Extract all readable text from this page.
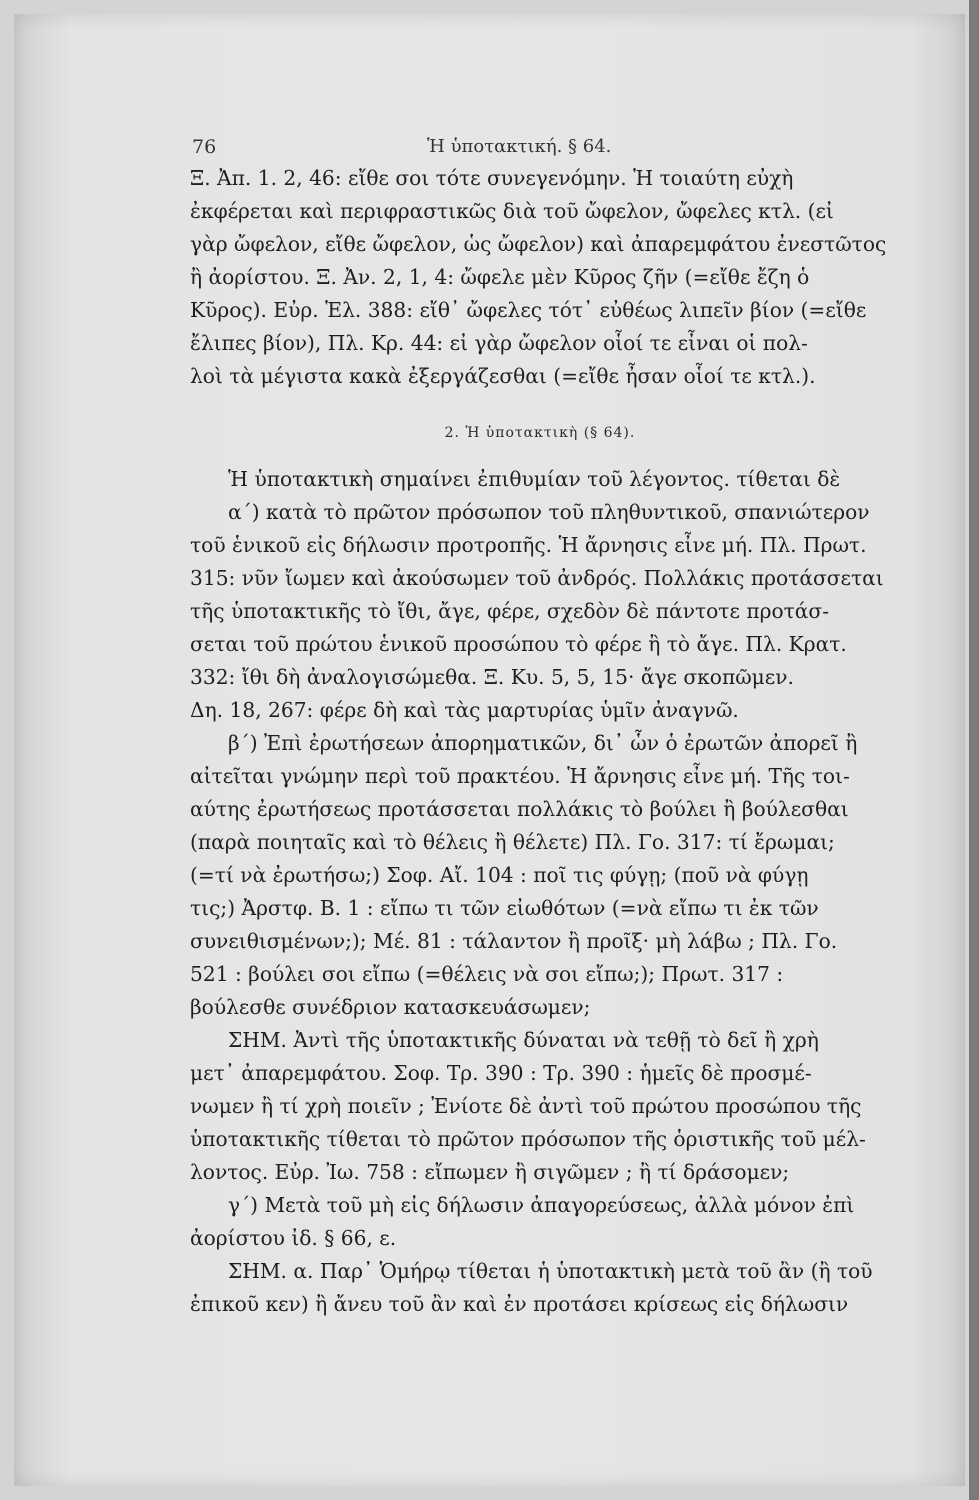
76	Ἡ ὑποτακτική. § 64.
Ξ. Ἀπ. 1. 2, 46: εἴθε σοι τότε συνεγενόμην. Ἡ τοιαύτη εὐχὴ
ἐκφέρεται καὶ περιφραστικῶς διὰ τοῦ ὤφελον, ὤφελες κτλ. (εἰ
γὰρ ὤφελον, εἴθε ὤφελον, ὡς ὤφελον) καὶ ἀπαρεμφάτου ἐνεστῶτος
ἢ ἀορίστου. Ξ. Ἀν. 2, 1, 4: ὤφελε μὲν Κῦρος ζῆν (=εἴθε ἔζη ὁ
Κῦρος). Εὐρ. Ἑλ. 388: εἴθ᾽ ὤφελες τότ᾽ εὐθέως λιπεῖν βίον (=εἴθε
ἔλιπες βίον), Πλ. Κρ. 44: εἰ γὰρ ὤφελον οἷοί τε εἶναι οἱ πολ-
λοὶ τὰ μέγιστα κακὰ ἐξεργάζεσθαι (=εἴθε ἦσαν οἷοί τε κτλ.).
2. Ἡ ὑποτακτικὴ (§ 64).
Ἡ ὑποτακτικὴ σημαίνει ἐπιθυμίαν τοῦ λέγοντος. τίθεται δὲ
α΄) κατὰ τὸ πρῶτον πρόσωπον τοῦ πληθυντικοῦ, σπανιώτερον
τοῦ ἑνικοῦ εἰς δήλωσιν προτροπῆς. Ἡ ἄρνησις εἶνε μή. Πλ. Πρωτ.
315: νῦν ἴωμεν καὶ ἀκούσωμεν τοῦ ἀνδρός. Πολλάκις προτάσσεται
τῆς ὑποτακτικῆς τὸ ἴθι, ἄγε, φέρε, σχεδὸν δὲ πάντοτε προτάσ-
σεται τοῦ πρώτου ἑνικοῦ προσώπου τὸ φέρε ἢ τὸ ἄγε. Πλ. Κρατ.
332: ἴθι δὴ ἀναλογισώμεθα. Ξ. Κυ. 5, 5, 15· ἄγε σκοπῶμεν.
Δη. 18, 267: φέρε δὴ καὶ τὰς μαρτυρίας ὑμῖν ἀναγνῶ.
β΄) Ἐπὶ ἐρωτήσεων ἀπορηματικῶν, δι᾽ ὧν ὁ ἐρωτῶν ἀπορεῖ ἢ
αἰτεῖται γνώμην περὶ τοῦ πρακτέου. Ἡ ἄρνησις εἶνε μή. Τῆς τοι-
αύτης ἐρωτήσεως προτάσσεται πολλάκις τὸ βούλει ἢ βούλεσθαι
(παρὰ ποιηταῖς καὶ τὸ θέλεις ἢ θέλετε) Πλ. Γο. 317: τί ἔρωμαι;
(=τί νὰ ἐρωτήσω;) Σοφ. Αἴ. 104 : ποῖ τις φύγῃ; (ποῦ νὰ φύγῃ
τις;) Ἀρστφ. Β. 1 : εἴπω τι τῶν εἰωθότων (=νὰ εἴπω τι ἐκ τῶν
συνειθισμένων;); Μέ. 81 : τάλαντον ἢ προῖξ· μὴ λάβω ; Πλ. Γο.
521 : βούλει σοι εἴπω (=θέλεις νὰ σοι εἴπω;); Πρωτ. 317 :
βούλεσθε συνέδριον κατασκευάσωμεν;
ΣΗΜ. Ἀντὶ τῆς ὑποτακτικῆς δύναται νὰ τεθῇ τὸ δεῖ ἢ χρὴ
μετ᾽ ἀπαρεμφάτου. Σοφ. Τρ. 390 : Τρ. 390 : ἡμεῖς δὲ προσμέ-
νωμεν ἢ τί χρὴ ποιεῖν ; Ἐνίοτε δὲ ἀντὶ τοῦ πρώτου προσώπου τῆς
ὑποτακτικῆς τίθεται τὸ πρῶτον πρόσωπον τῆς ὁριστικῆς τοῦ μέλ-
λοντος. Εὐρ. Ἰω. 758 : εἴπωμεν ἢ σιγῶμεν ; ἢ τί δράσομεν;
γ΄) Μετὰ τοῦ μὴ εἰς δήλωσιν ἀπαγορεύσεως, ἀλλὰ μόνον ἐπὶ
ἀορίστου ἰδ. § 66, ε.
ΣΗΜ. α. Παρ᾽ Ὁμήρῳ τίθεται ἡ ὑποτακτικὴ μετὰ τοῦ ἂν (ἢ τοῦ
ἐπικοῦ κεν) ἢ ἄνευ τοῦ ἂν καὶ ἐν προτάσει κρίσεως εἰς δήλωσιν
